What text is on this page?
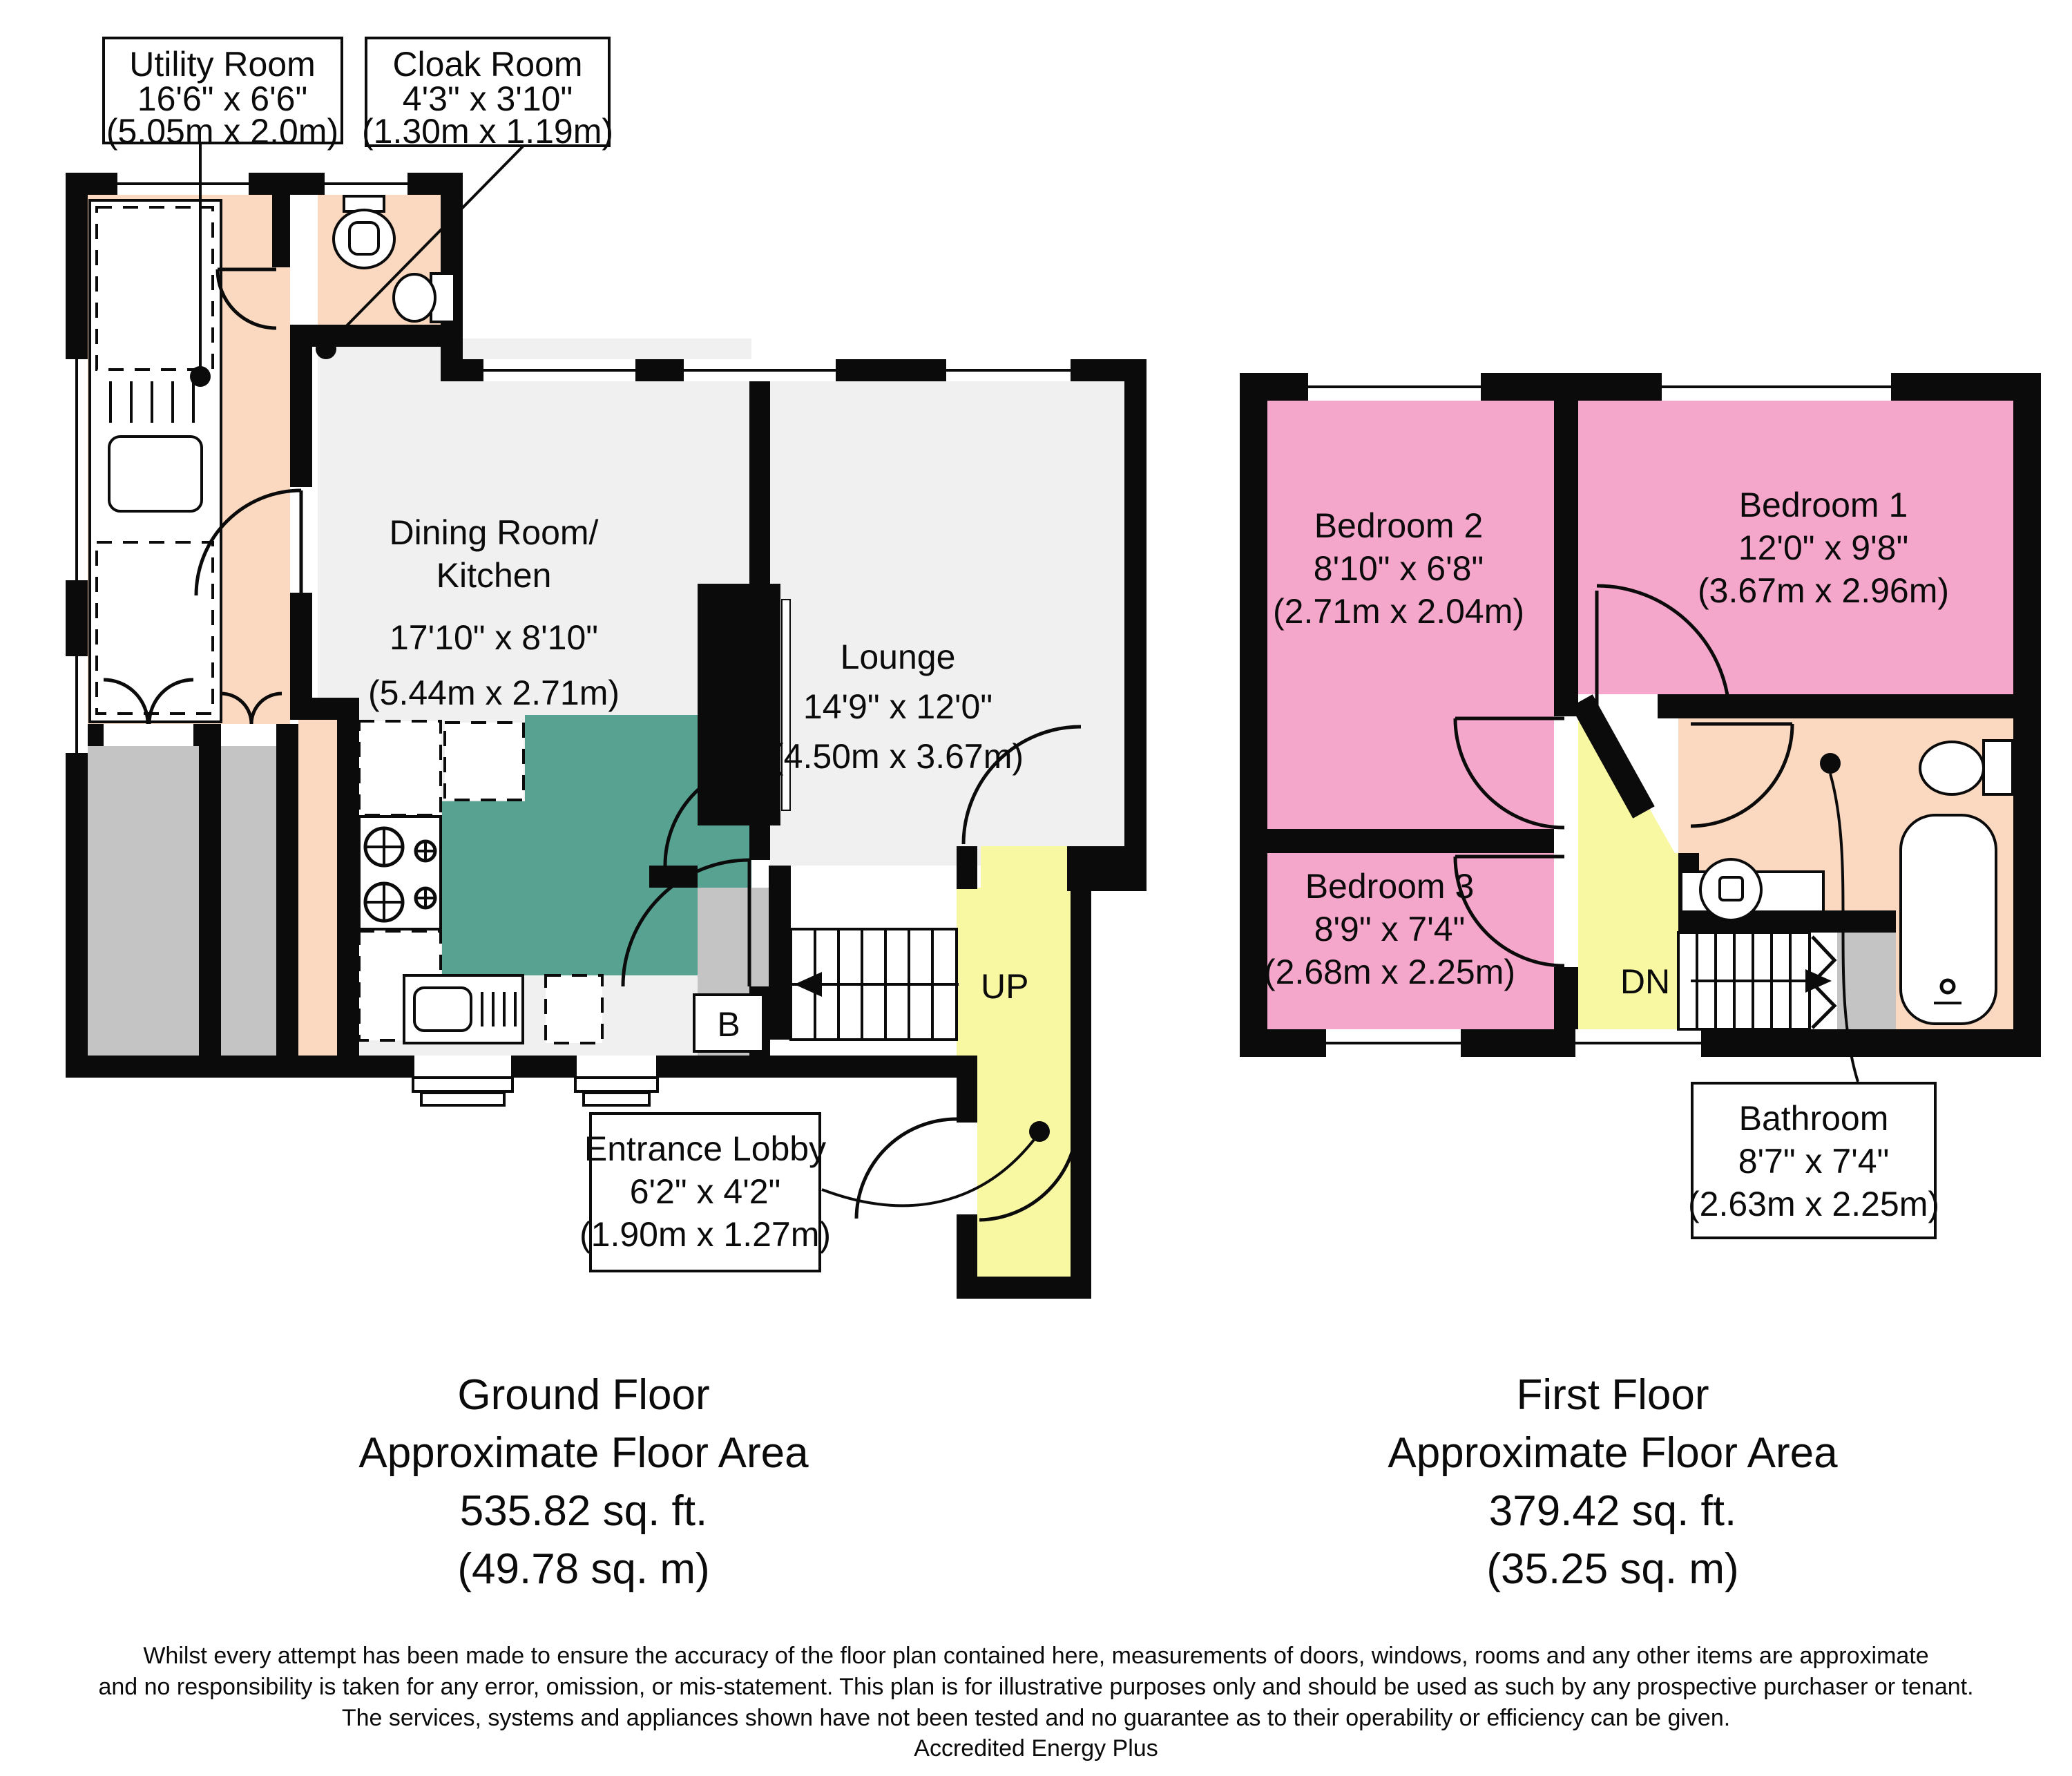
UP
B
Dining Room/
Kitchen
17'10" x 8'10"
(5.44m x 2.71m)
Lounge
14'9" x 12'0"
(4.50m x 3.67m)
Utility Room
16'6" x 6'6"
(5.05m x 2.0m)
Cloak Room
4'3" x 3'10"
(1.30m x 1.19m)
Entrance Lobby
6'2" x 4'2"
(1.90m x 1.27m)
DN
Bedroom 2
8'10" x 6'8"
(2.71m x 2.04m)
Bedroom 1
12'0" x 9'8"
(3.67m x 2.96m)
Bedroom 3
8'9" x 7'4"
(2.68m x 2.25m)
Bathroom
8'7" x 7'4"
(2.63m x 2.25m)
Ground Floor
Approximate Floor Area
535.82 sq. ft.
(49.78 sq. m)
First Floor
Approximate Floor Area
379.42 sq. ft.
(35.25 sq. m)
Whilst every attempt has been made to ensure the accuracy of the floor plan contained here, measurements of doors, windows, rooms and any other items are approximate
and no responsibility is taken for any error, omission, or mis-statement. This plan is for illustrative purposes only and should be used as such by any prospective purchaser or tenant.
The services, systems and appliances shown have not been tested and no guarantee as to their operability or efficiency can be given.
Accredited Energy Plus
